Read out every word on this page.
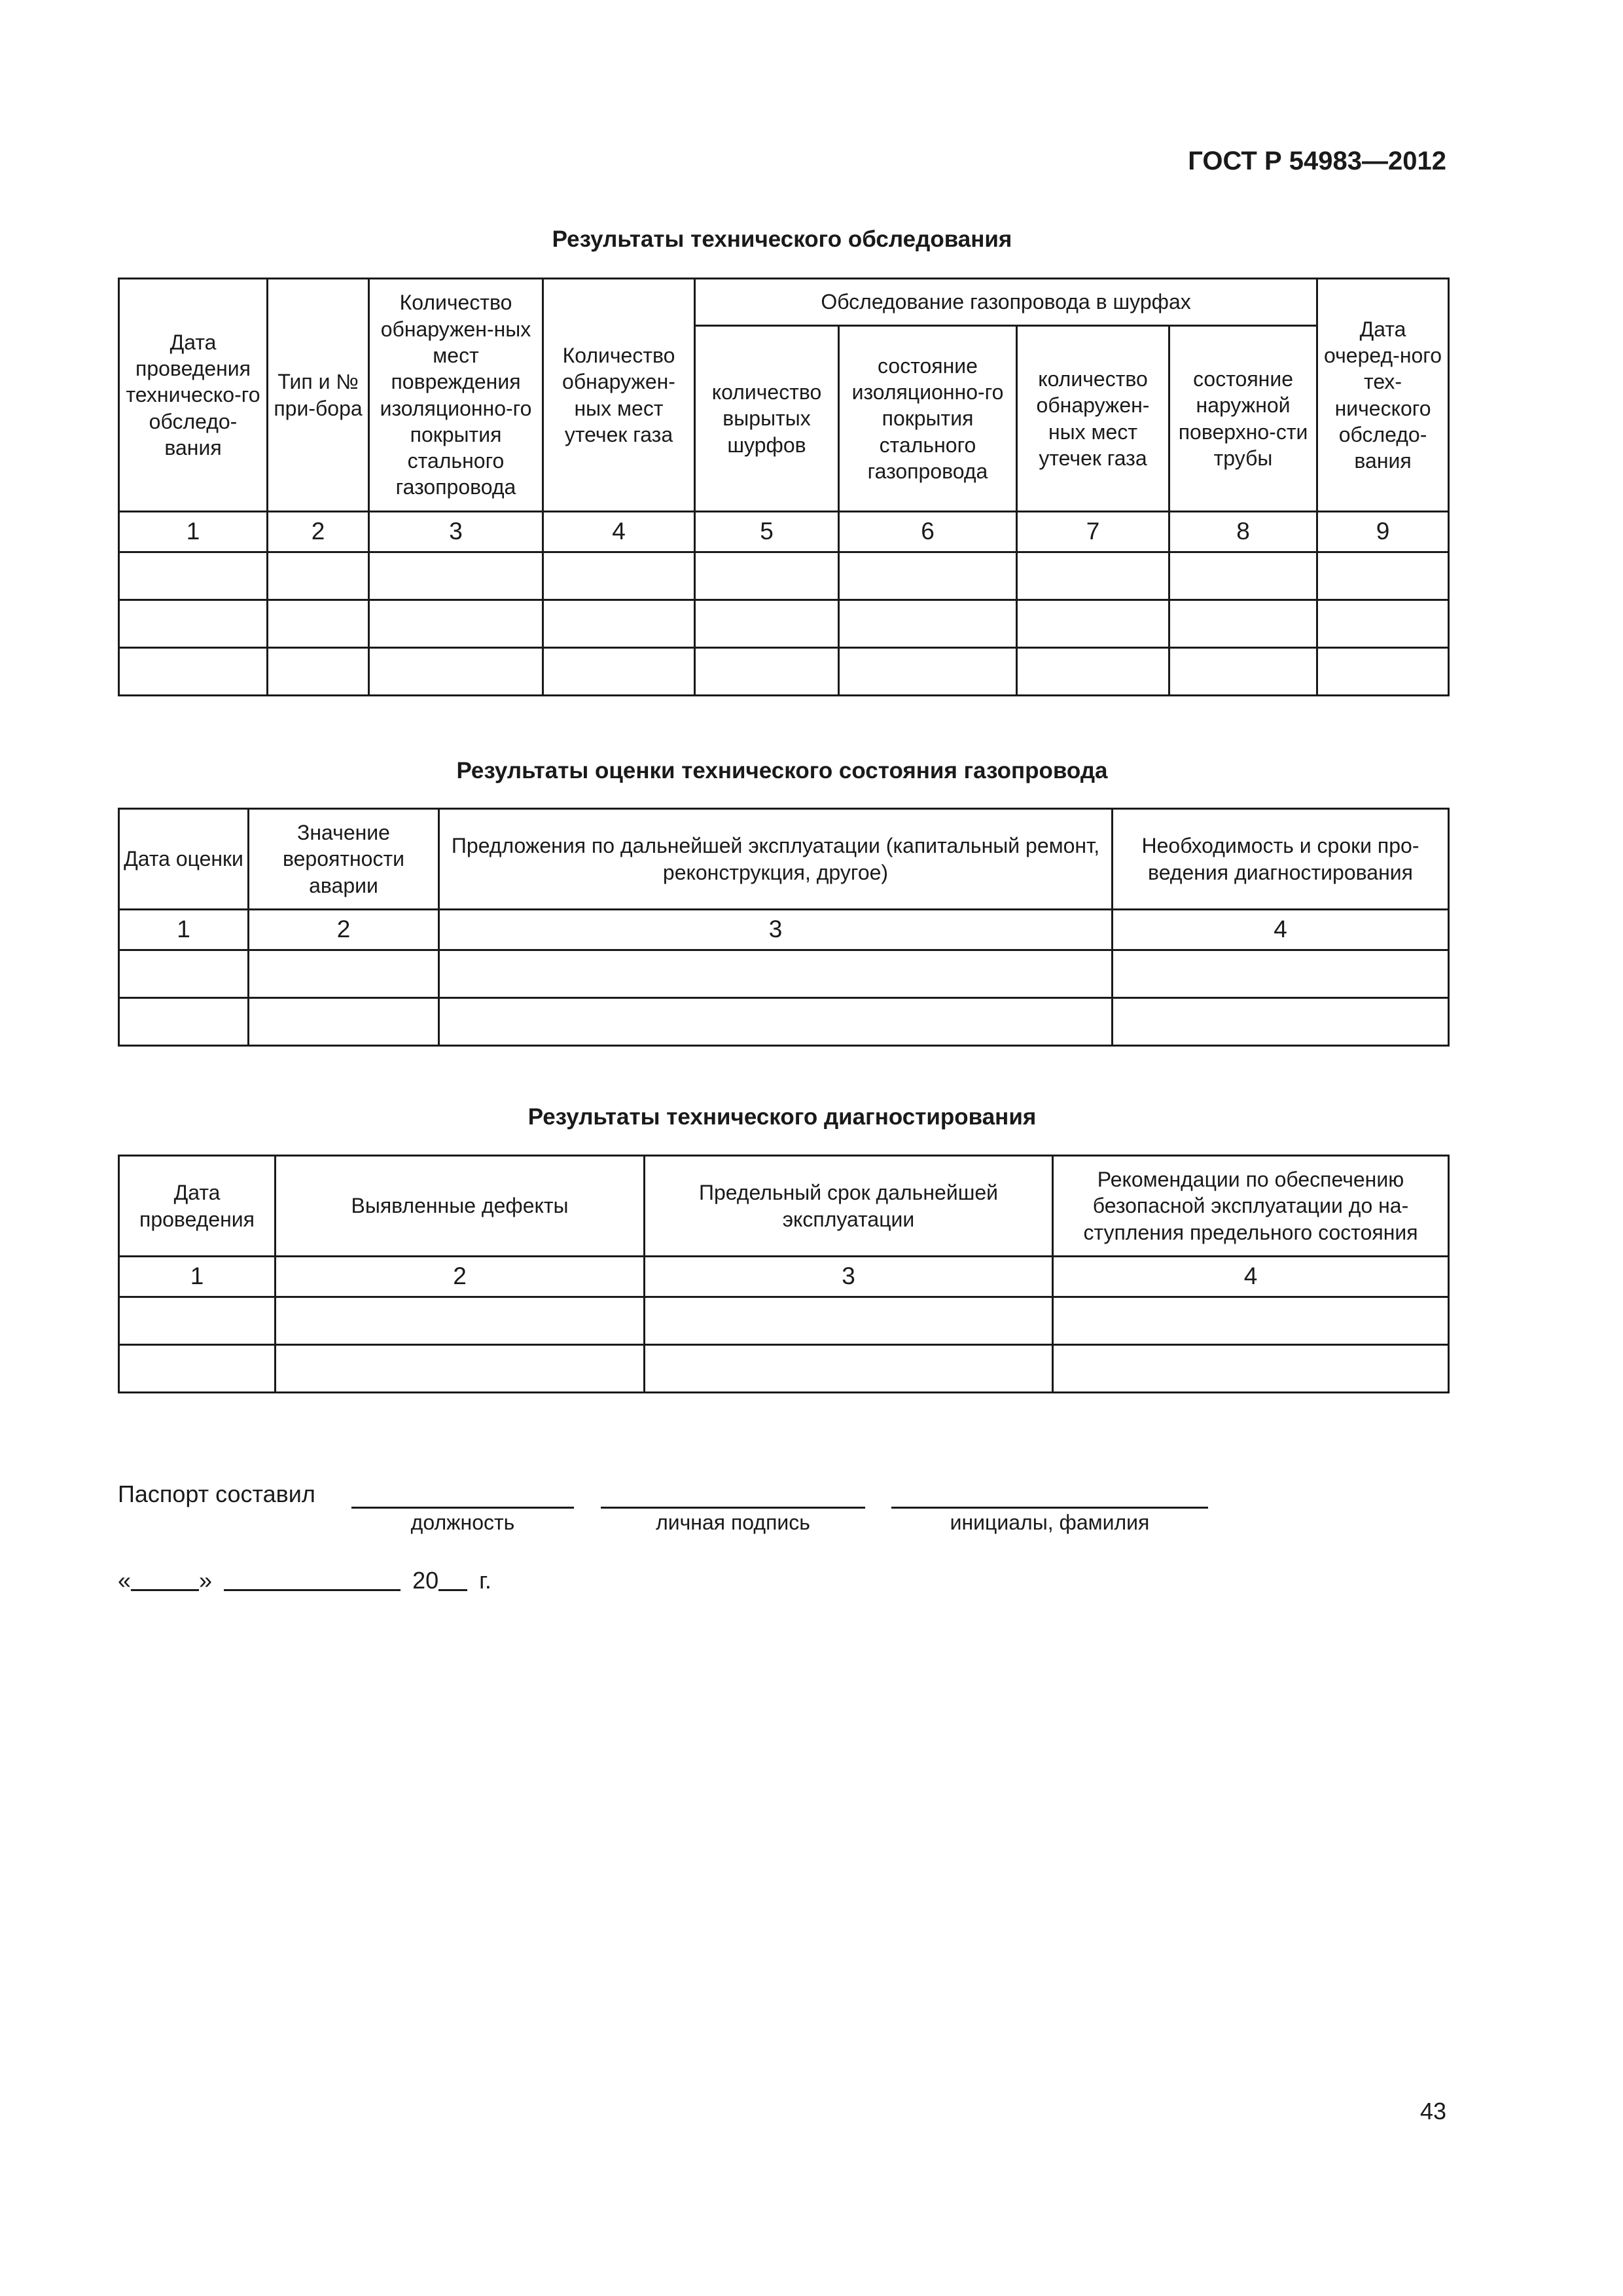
ГОСТ Р 54983—2012
Результаты технического обследования
Дата проведения техническо-го обследо-вания	Тип и № при-бора	Количество обнаружен-ных мест повреждения изоляционно-го покрытия стального газопровода	Количество обнаружен-ных мест утечек газа	Обследование газопровода в шурфах				Дата очеред-ного тех-нического обследо-вания
				количество вырытых шурфов	состояние изоляционно-го покрытия стального газопровода	количество обнаружен-ных мест утечек газа	состояние наружной поверхно-сти трубы	
1	2	3	4	5	6	7	8	9

Результаты оценки технического состояния газопровода
Дата оценки	Значение вероятности аварии	Предложения по дальнейшей эксплуатации (капитальный ремонт, реконструкция, другое)	Необходимость и сроки про-ведения диагностирования
1	2	3	4

Результаты технического диагностирования
Дата проведения	Выявленные дефекты	Предельный срок дальнейшей эксплуатации	Рекомендации по обеспечению безопасной эксплуатации до на-ступления предельного состояния
1	2	3	4

Паспорт составил
должность	личная подпись	инициалы, фамилия
«	»	20 г.
43
